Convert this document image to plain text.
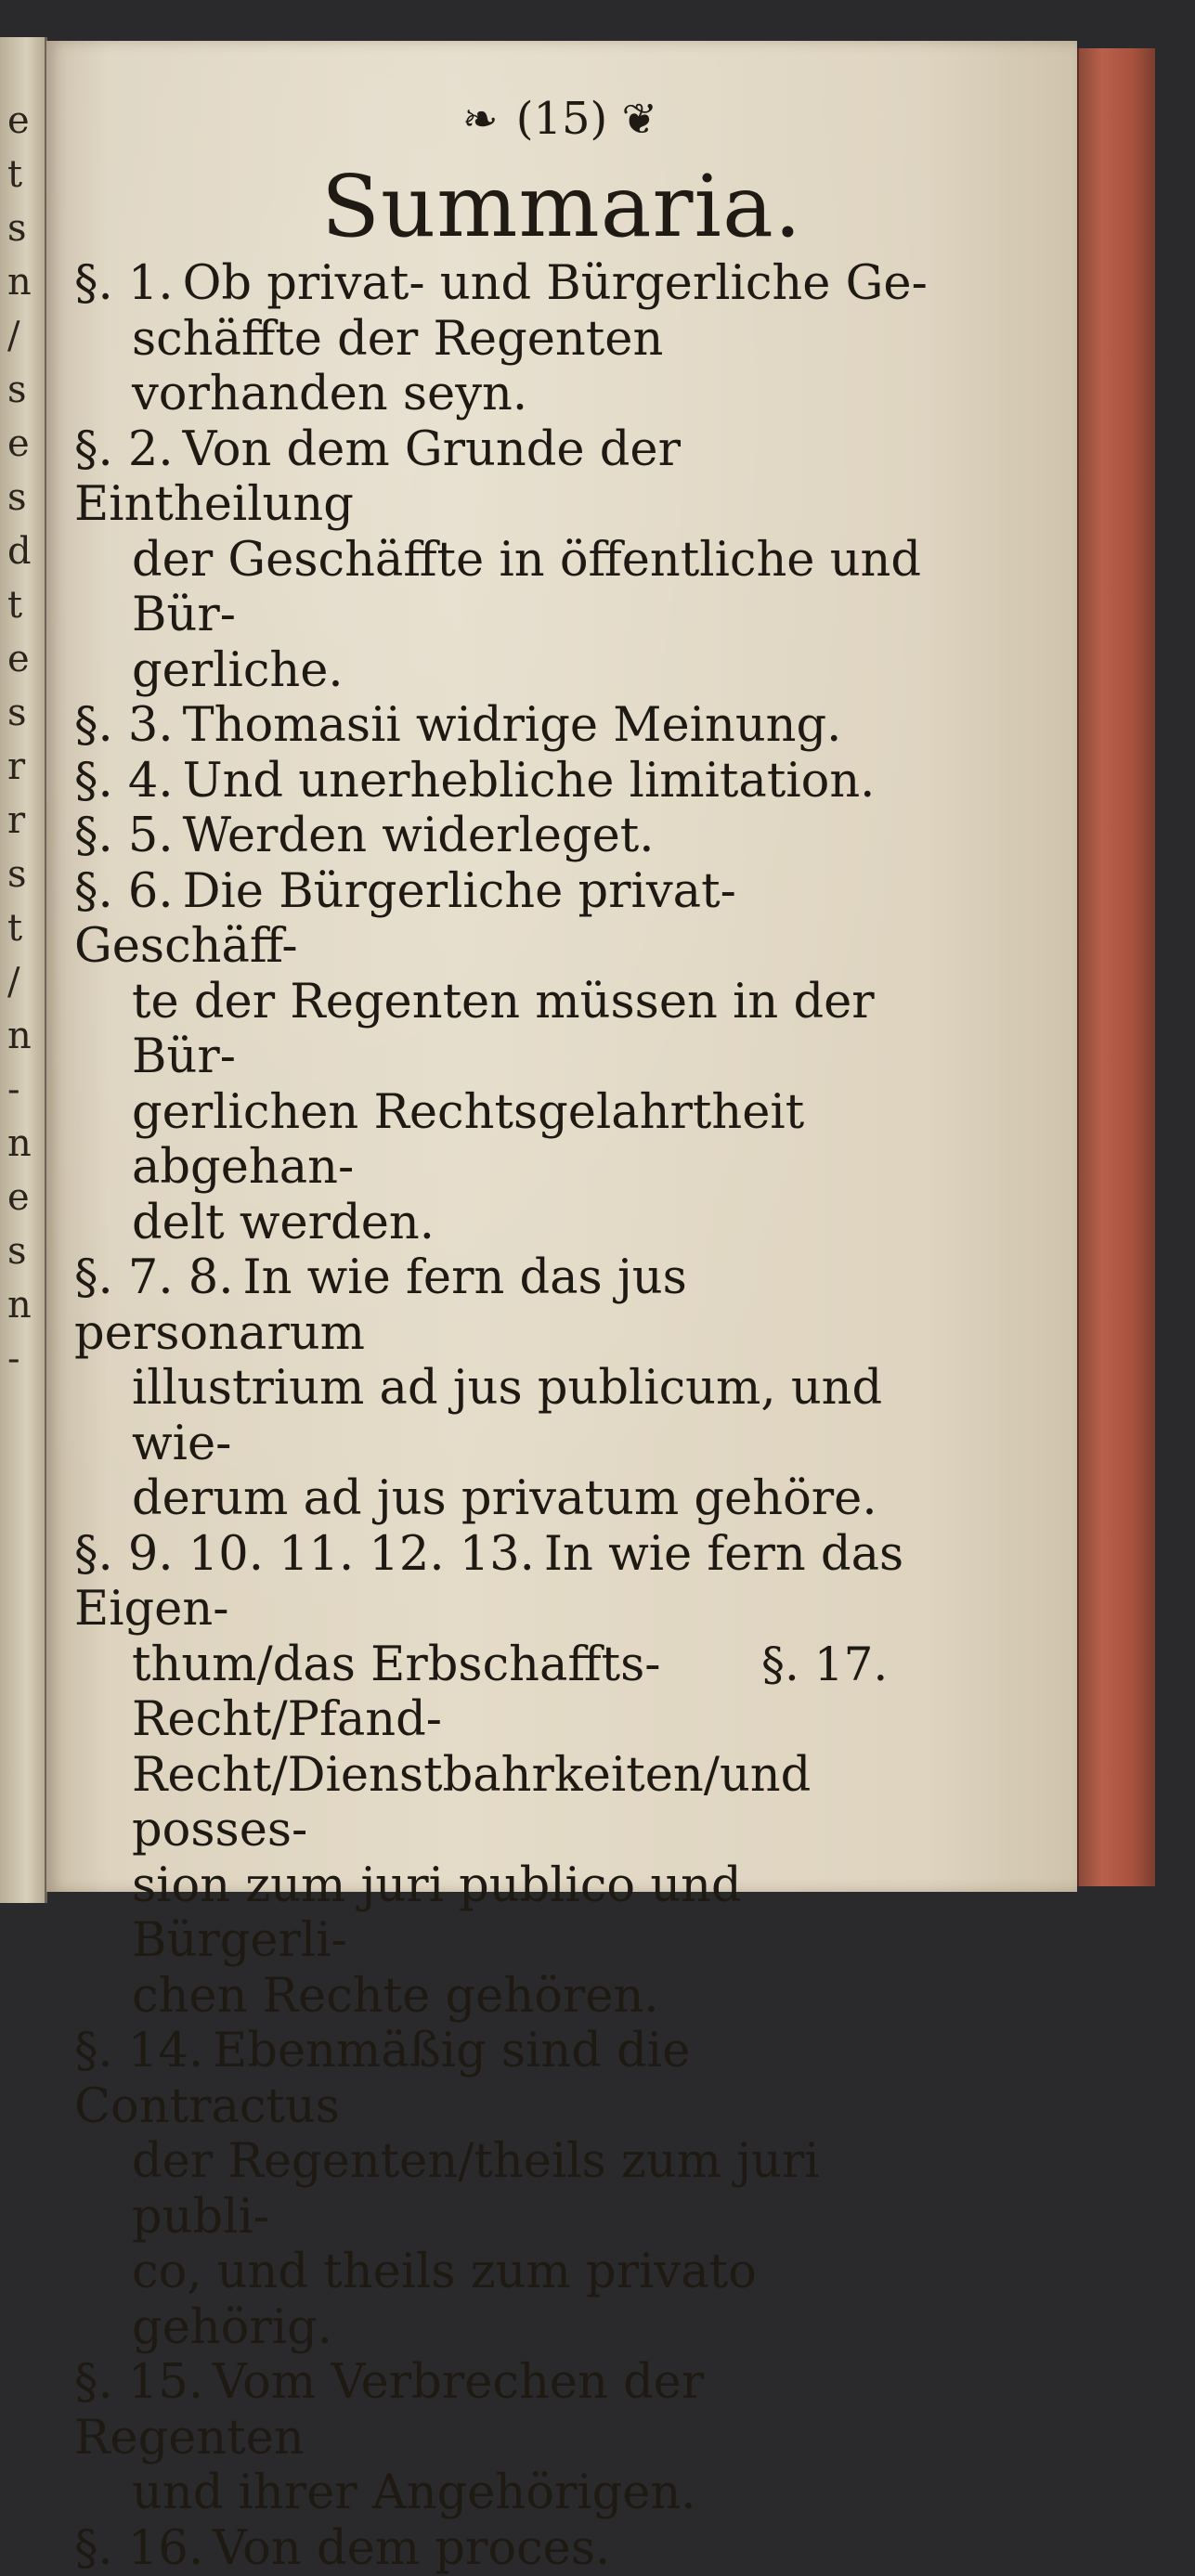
e
t
s
n
/
s
e
s
d
t
e
s
r
r
s
t
/
n
-
n
e
s
n
-
❧ (15) ❦
Summaria.
§. 1. Ob privat- und Bürgerliche Ge-
schäffte der Regenten vorhanden seyn.
§. 2. Von dem Grunde der Eintheilung
der Geschäffte in öffentliche und Bür-
gerliche.
§. 3. Thomasii widrige Meinung.
§. 4. Und unerhebliche limitation.
§. 5. Werden widerleget.
§. 6. Die Bürgerliche privat-Geschäff-
te der Regenten müssen in der Bür-
gerlichen Rechtsgelahrtheit abgehan-
delt werden.
§. 7. 8. In wie fern das jus personarum
illustrium ad jus publicum, und wie-
derum ad jus privatum gehöre.
§. 9. 10. 11. 12. 13. In wie fern das Eigen-
thum/das Erbschaffts-Recht/Pfand-
Recht/Dienstbahrkeiten/und posses-
sion zum juri publico und Bürgerli-
chen Rechte gehören.
§. 14. Ebenmäßig sind die Contractus
der Regenten/theils zum juri publi-
co, und theils zum privato gehörig.
§. 15. Vom Verbrechen der Regenten
und ihrer Angehörigen.
§. 16. Von dem proces.
§. 17.
